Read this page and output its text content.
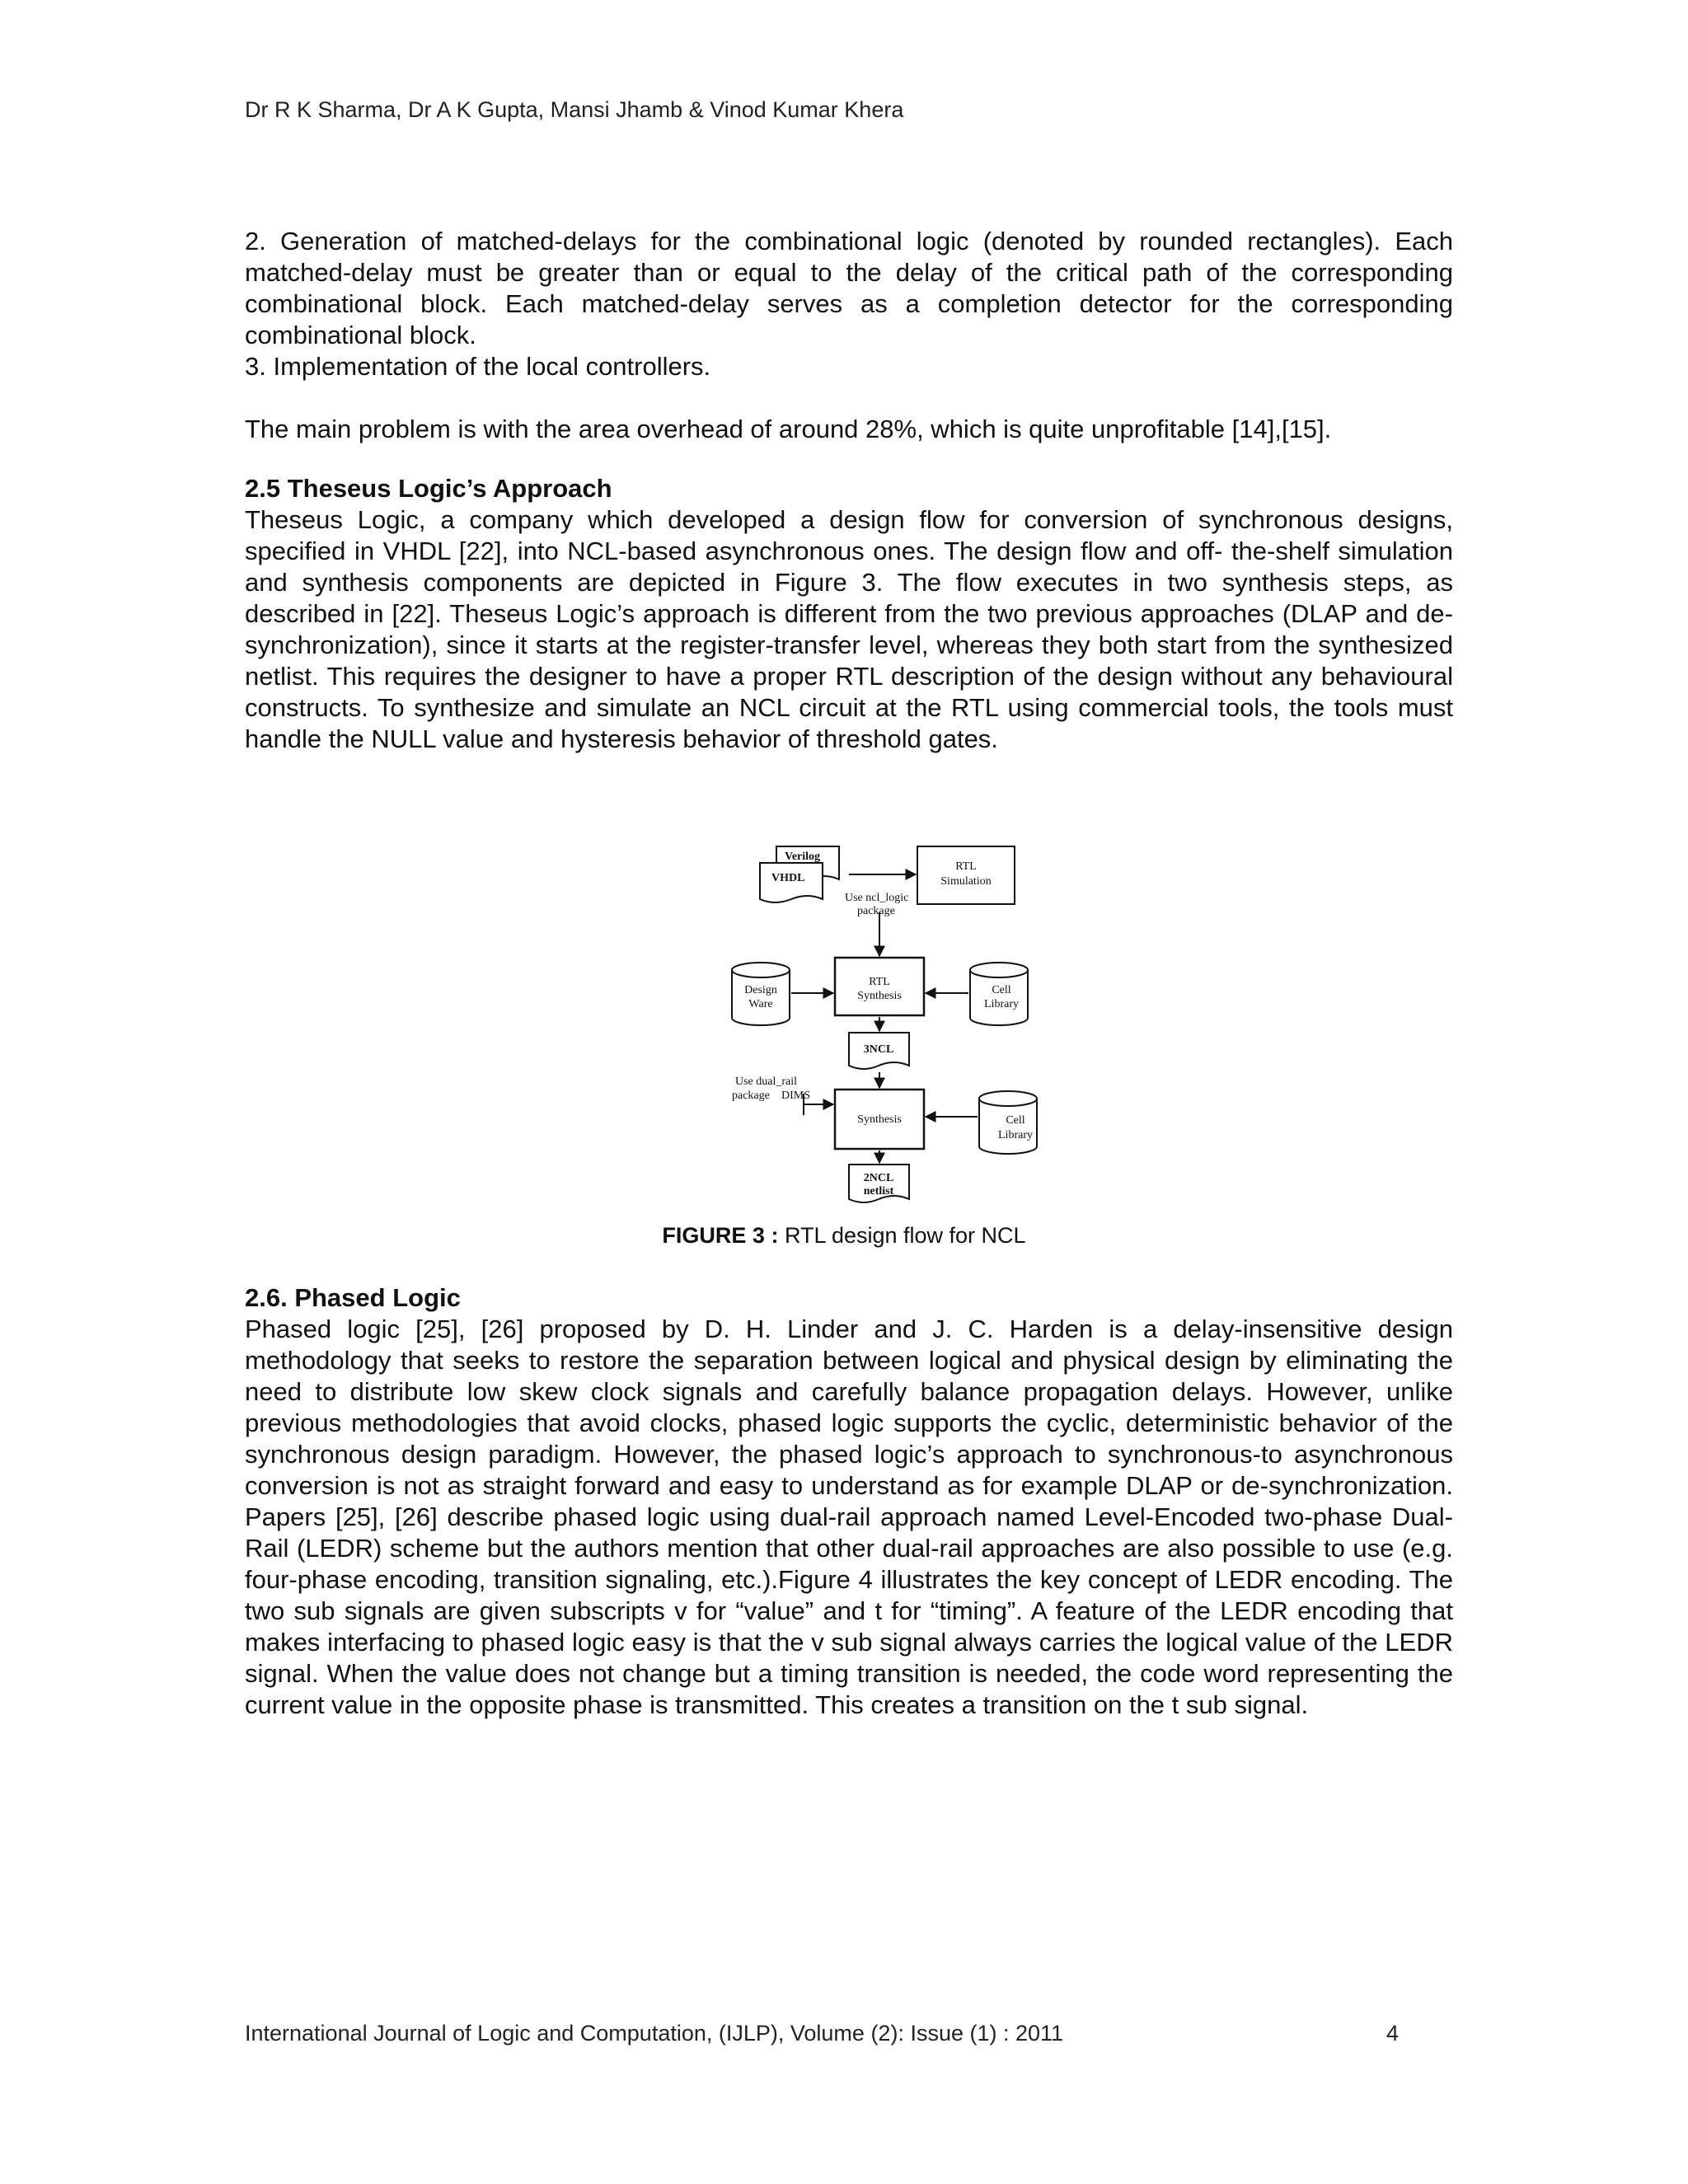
Dr R K Sharma, Dr A K Gupta, Mansi Jhamb & Vinod Kumar Khera

2. Generation of matched-delays for the combinational logic (denoted by rounded rectangles). Each matched-delay must be greater than or equal to the delay of the critical path of the corresponding combinational block. Each matched-delay serves as a completion detector for the corresponding combinational block.

3. Implementation of the local controllers.

The main problem is with the area overhead of around 28%, which is quite unprofitable [14],[15].

2.5 Theseus Logic’s Approach

Theseus Logic, a company which developed a design flow for conversion of synchronous designs, specified in VHDL [22], into NCL-based asynchronous ones. The design flow and off- the-shelf simulation and synthesis components are depicted in Figure 3. The flow executes in two synthesis steps, as described in [22]. Theseus Logic’s approach is different from the two previous approaches (DLAP and de-synchronization), since it starts at the register-transfer level, whereas they both start from the synthesized netlist. This requires the designer to have a proper RTL description of the design without any behavioural constructs. To synthesize and simulate an NCL circuit at the RTL using commercial tools, the tools must handle the NULL value and hysteresis behavior of threshold gates.

Verilog
VHDL
RTL
Simulation
Use ncl_logic
package
Design
Ware
RTL
Synthesis	Cell
Library
3NCL
Use dual_rail
package DIMS
Synthesis	Cell
Library
2NCL
netlist
FIGURE 3 : RTL design flow for NCL

2.6. Phased Logic

Phased logic [25], [26] proposed by D. H. Linder and J. C. Harden is a delay-insensitive design methodology that seeks to restore the separation between logical and physical design by eliminating the need to distribute low skew clock signals and carefully balance propagation delays. However, unlike previous methodologies that avoid clocks, phased logic supports the cyclic, deterministic behavior of the synchronous design paradigm. However, the phased logic’s approach to synchronous-to asynchronous conversion is not as straight forward and easy to understand as for example DLAP or de-synchronization. Papers [25], [26] describe phased logic using dual-rail approach named Level-Encoded two-phase Dual-Rail (LEDR) scheme but the authors mention that other dual-rail approaches are also possible to use (e.g. four-phase encoding, transition signaling, etc.).Figure 4 illustrates the key concept of LEDR encoding. The two sub signals are given subscripts v for “value” and t for “timing”. A feature of the LEDR encoding that makes interfacing to phased logic easy is that the v sub signal always carries the logical value of the LEDR signal. When the value does not change but a timing transition is needed, the code word representing the current value in the opposite phase is transmitted. This creates a transition on the t sub signal.

International Journal of Logic and Computation, (IJLP), Volume (2): Issue (1) : 2011	4
